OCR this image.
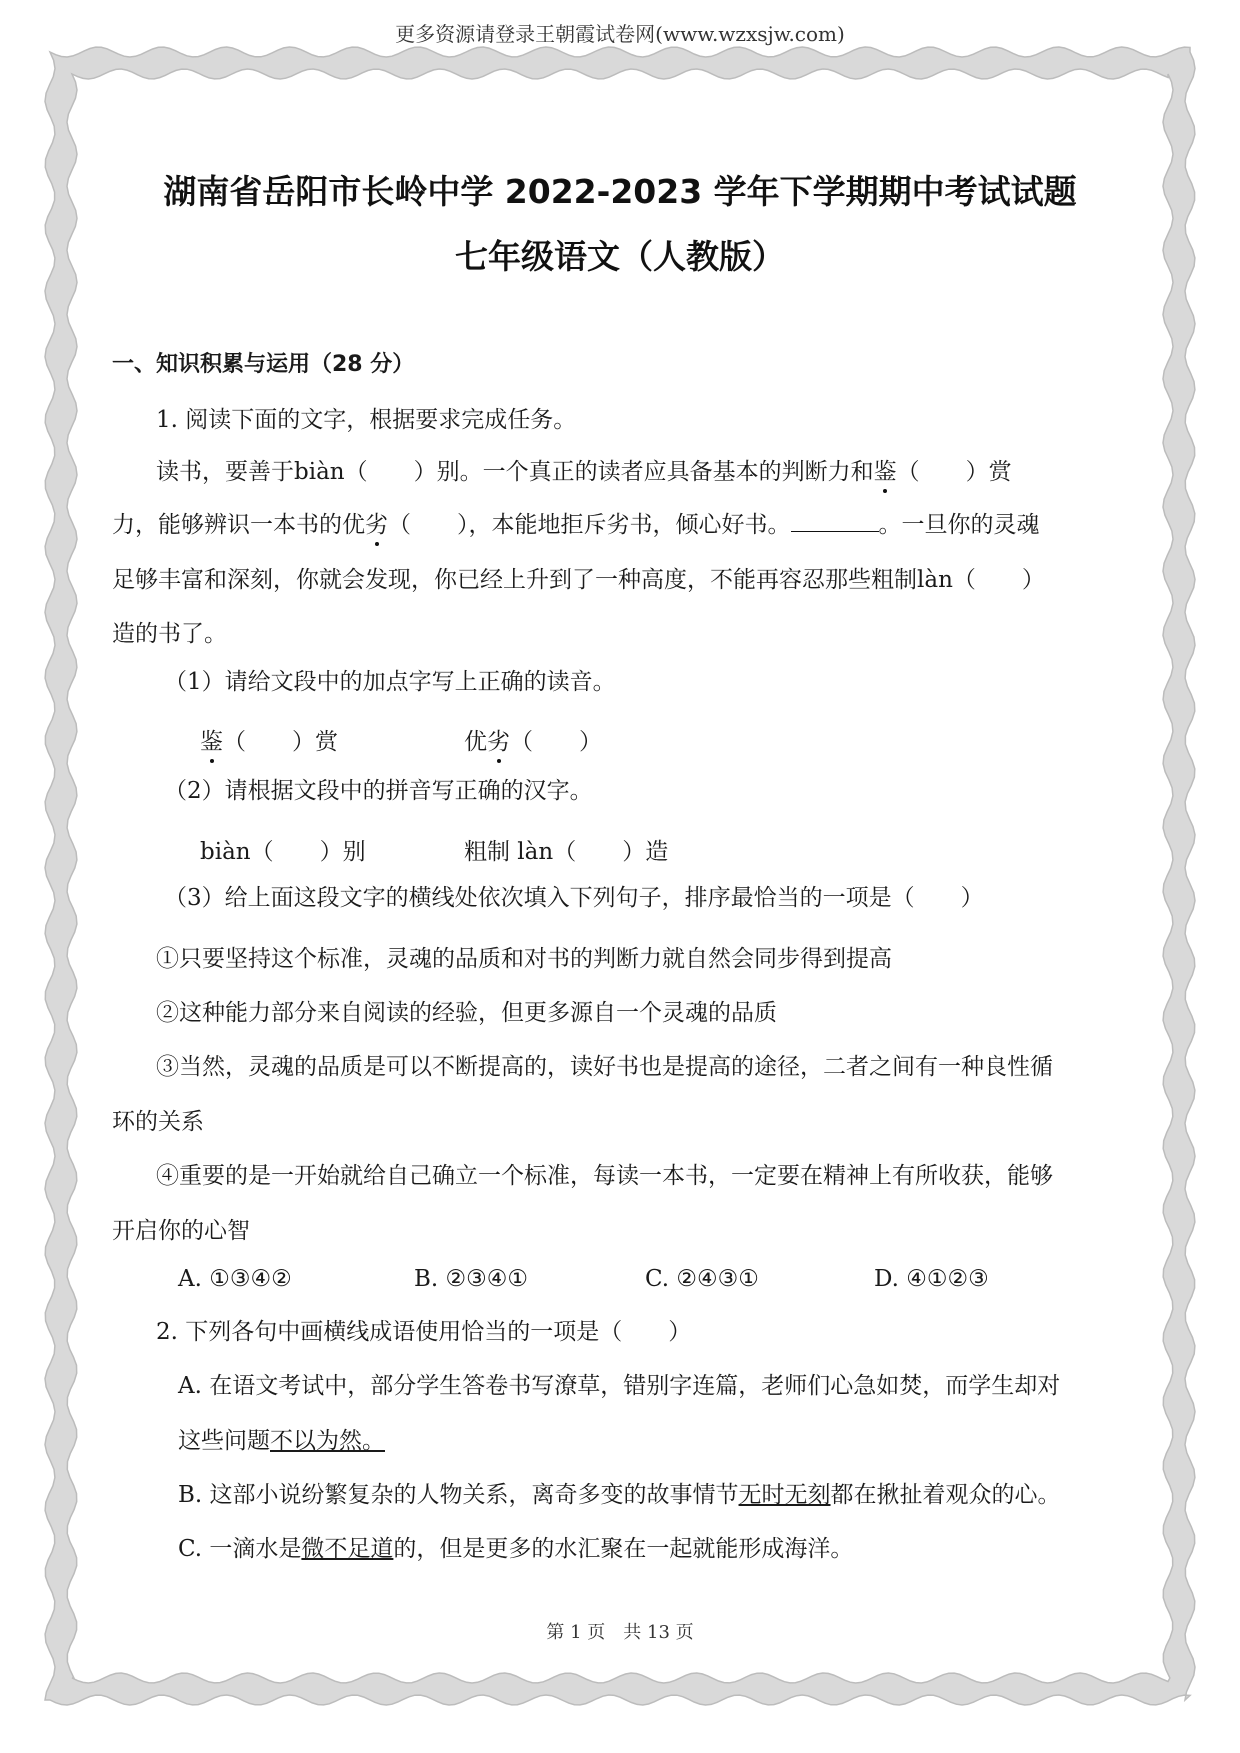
更多资源请登录王朝霞试卷网(www.wzxsjw.com)
湖南省岳阳市长岭中学 2022-2023 学年下学期期中考试试题
七年级语文（人教版）
一、知识积累与运用（28 分）
1. 阅读下面的文字，根据要求完成任务。
读书，要善于biàn（　　）别。一个真正的读者应具备基本的判断力和鉴（　　）赏
力，能够辨识一本书的优劣（　　），本能地拒斥劣书，倾心好书。	。一旦你的灵魂
足够丰富和深刻，你就会发现，你已经上升到了一种高度，不能再容忍那些粗制làn（　　）
造的书了。
（1）请给文段中的加点字写上正确的读音。
鉴（　　）赏	优劣（　　）
（2）请根据文段中的拼音写正确的汉字。
biàn（　　）别	粗制 làn（　　）造
（3）给上面这段文字的横线处依次填入下列句子，排序最恰当的一项是（　　）
①只要坚持这个标准，灵魂的品质和对书的判断力就自然会同步得到提高
②这种能力部分来自阅读的经验，但更多源自一个灵魂的品质
③当然，灵魂的品质是可以不断提高的，读好书也是提高的途径，二者之间有一种良性循
环的关系
④重要的是一开始就给自己确立一个标准，每读一本书，一定要在精神上有所收获，能够
开启你的心智
A. ①③④②	B. ②③④①	C. ②④③①	D. ④①②③
2. 下列各句中画横线成语使用恰当的一项是（　　）
A. 在语文考试中，部分学生答卷书写潦草，错别字连篇，老师们心急如焚，而学生却对
这些问题不以为然。
B. 这部小说纷繁复杂的人物关系，离奇多变的故事情节无时无刻都在揪扯着观众的心。
C. 一滴水是微不足道的，但是更多的水汇聚在一起就能形成海洋。
第 1 页　共 13 页
